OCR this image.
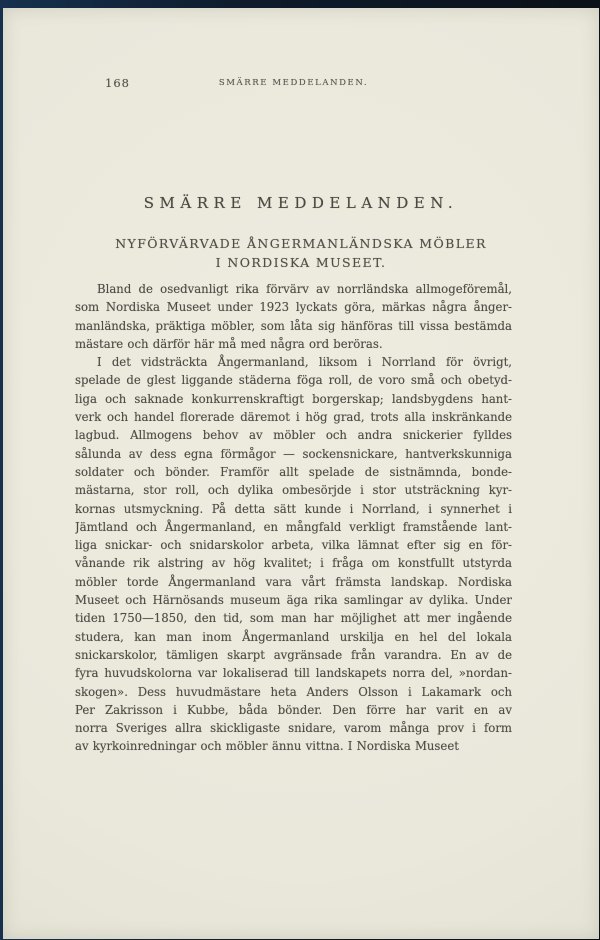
168	SMÄRRE MEDDELANDEN.
SMÄRRE MEDDELANDEN.
NYFÖRVÄRVADE ÅNGERMANLÄNDSKA MÖBLER
I NORDISKA MUSEET.
Bland de osedvanligt rika förvärv av norrländska allmogeföremål,
som Nordiska Museet under 1923 lyckats göra, märkas några ånger-
manländska, präktiga möbler, som låta sig hänföras till vissa bestämda
mästare och därför här må med några ord beröras.
I det vidsträckta Ångermanland, liksom i Norrland för övrigt,
spelade de glest liggande städerna föga roll, de voro små och obetyd-
liga och saknade konkurrenskraftigt borgerskap; landsbygdens hant-
verk och handel florerade däremot i hög grad, trots alla inskränkande
lagbud. Allmogens behov av möbler och andra snickerier fylldes
sålunda av dess egna förmågor — sockensnickare, hantverkskunniga
soldater och bönder. Framför allt spelade de sistnämnda, bonde-
mästarna, stor roll, och dylika ombesörjde i stor utsträckning kyr-
kornas utsmyckning. På detta sätt kunde i Norrland, i synnerhet i
Jämtland och Ångermanland, en mångfald verkligt framstående lant-
liga snickar- och snidarskolor arbeta, vilka lämnat efter sig en för-
vånande rik alstring av hög kvalitet; i fråga om konstfullt utstyrda
möbler torde Ångermanland vara vårt främsta landskap. Nordiska
Museet och Härnösands museum äga rika samlingar av dylika. Under
tiden 1750—1850, den tid, som man har möjlighet att mer ingående
studera, kan man inom Ångermanland urskilja en hel del lokala
snickarskolor, tämligen skarpt avgränsade från varandra. En av de
fyra huvudskolorna var lokaliserad till landskapets norra del, »nordan-
skogen». Dess huvudmästare heta Anders Olsson i Lakamark och
Per Zakrisson i Kubbe, båda bönder. Den förre har varit en av
norra Sveriges allra skickligaste snidare, varom många prov i form
av kyrkoinredningar och möbler ännu vittna. I Nordiska Museet
